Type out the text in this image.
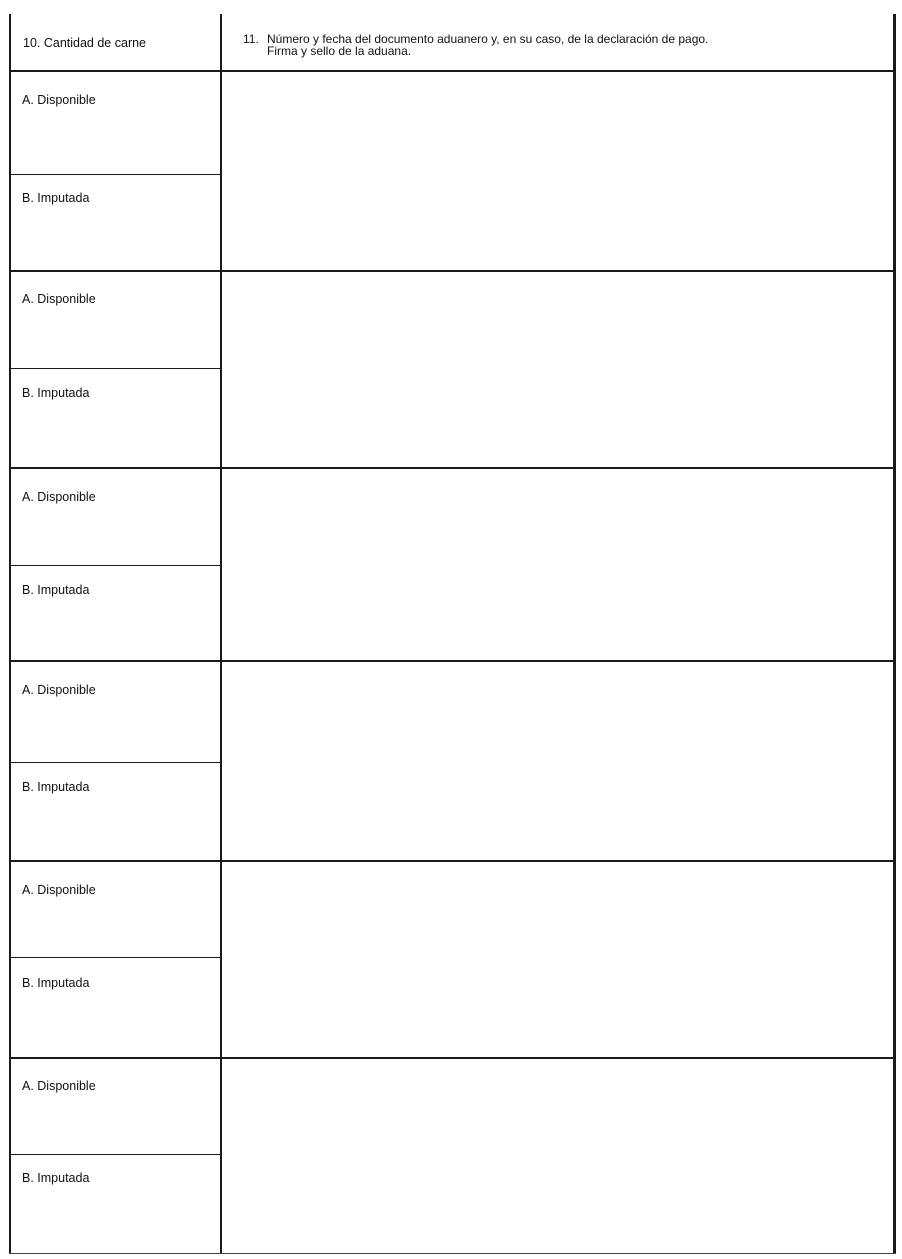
10. Cantidad de carne	11. Número y fecha del documento aduanero y, en su caso, de la declaración de pago.
Firma y sello de la aduana.
A. Disponible
B. Imputada
A. Disponible
B. Imputada
A. Disponible
B. Imputada
A. Disponible
B. Imputada
A. Disponible
B. Imputada
A. Disponible
B. Imputada
